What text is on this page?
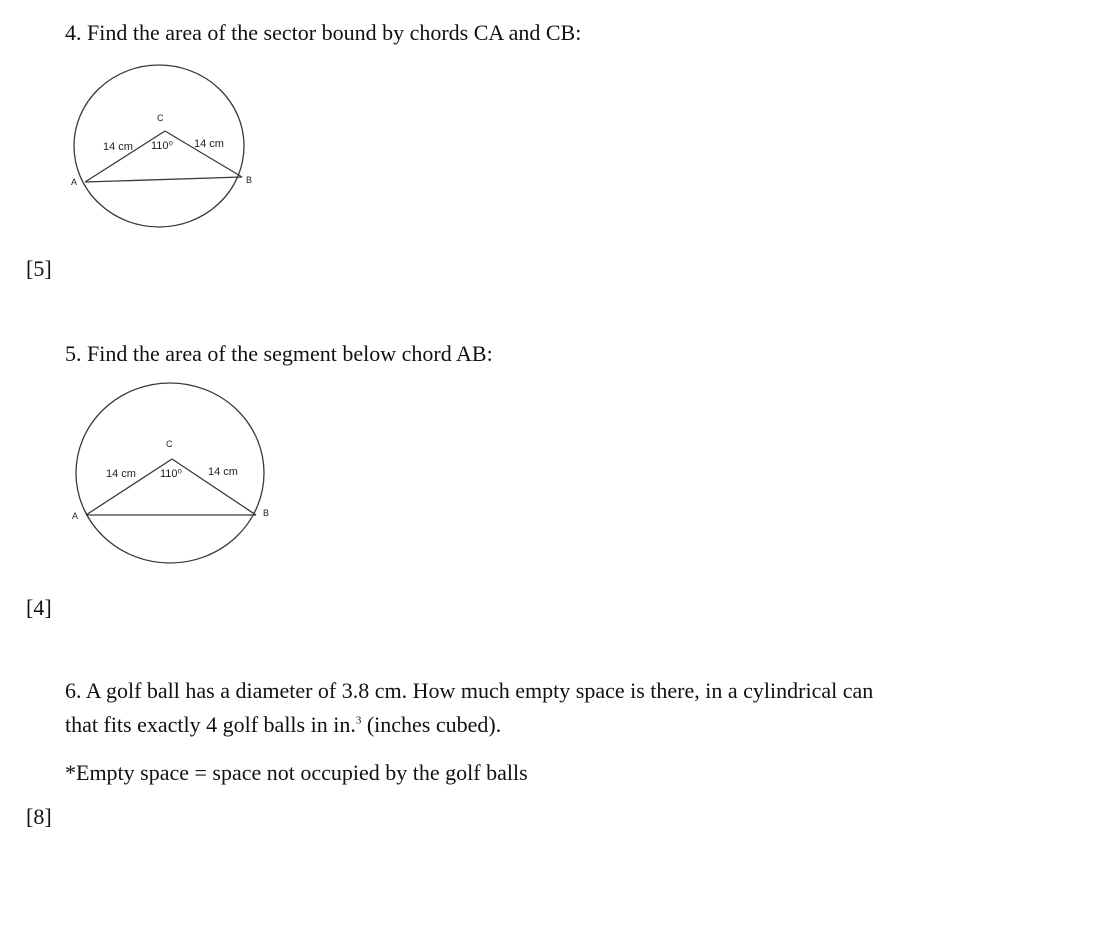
4. Find the area of the sector bound by chords CA and CB:
C
A	B
14 cm 110⁰ 14 cm
[5]
5. Find the area of the segment below chord AB:
C
A	B
14 cm 110⁰ 14 cm
[4]
6. A golf ball has a diameter of 3.8 cm. How much empty space is there, in a cylindrical can
that fits exactly 4 golf balls in in.$^3$ (inches cubed).
*Empty space = space not occupied by the golf balls
[8]
